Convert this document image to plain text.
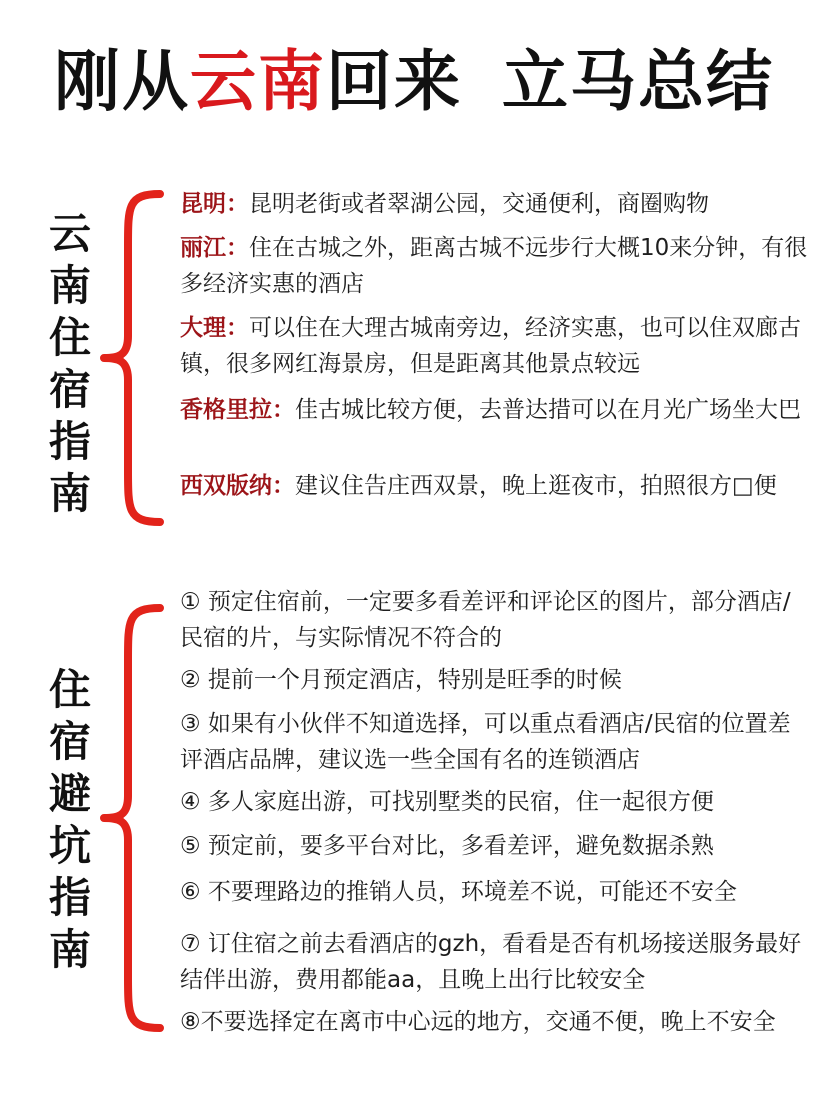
刚从云南回来 立马总结
云
南
住
宿
指
南
昆明：昆明老街或者翠湖公园，交通便利，商圈购物
丽江：住在古城之外，距离古城不远步行大概10来分钟，有很多经济实惠的酒店
大理：可以住在大理古城南旁边，经济实惠，也可以住双廊古镇，很多网红海景房，但是距离其他景点较远
香格里拉：佳古城比较方便，去普达措可以在月光广场坐大巴
西双版纳：建议住告庄西双景，晚上逛夜市，拍照很方□便
住
宿
避
坑
指
南
① 预定住宿前，一定要多看差评和评论区的图片，部分酒店/民宿的片，与实际情况不符合的
② 提前一个月预定酒店，特别是旺季的时候
③ 如果有小伙伴不知道选择，可以重点看酒店/民宿的位置差评酒店品牌，建议选一些全国有名的连锁酒店
④ 多人家庭出游，可找别墅类的民宿，住一起很方便
⑤ 预定前，要多平台对比，多看差评，避免数据杀熟
⑥ 不要理路边的推销人员，环境差不说，可能还不安全
⑦ 订住宿之前去看酒店的gzh，看看是否有机场接送服务最好结伴出游，费用都能aa，且晚上出行比较安全
⑧不要选择定在离市中心远的地方，交通不便，晚上不安全
